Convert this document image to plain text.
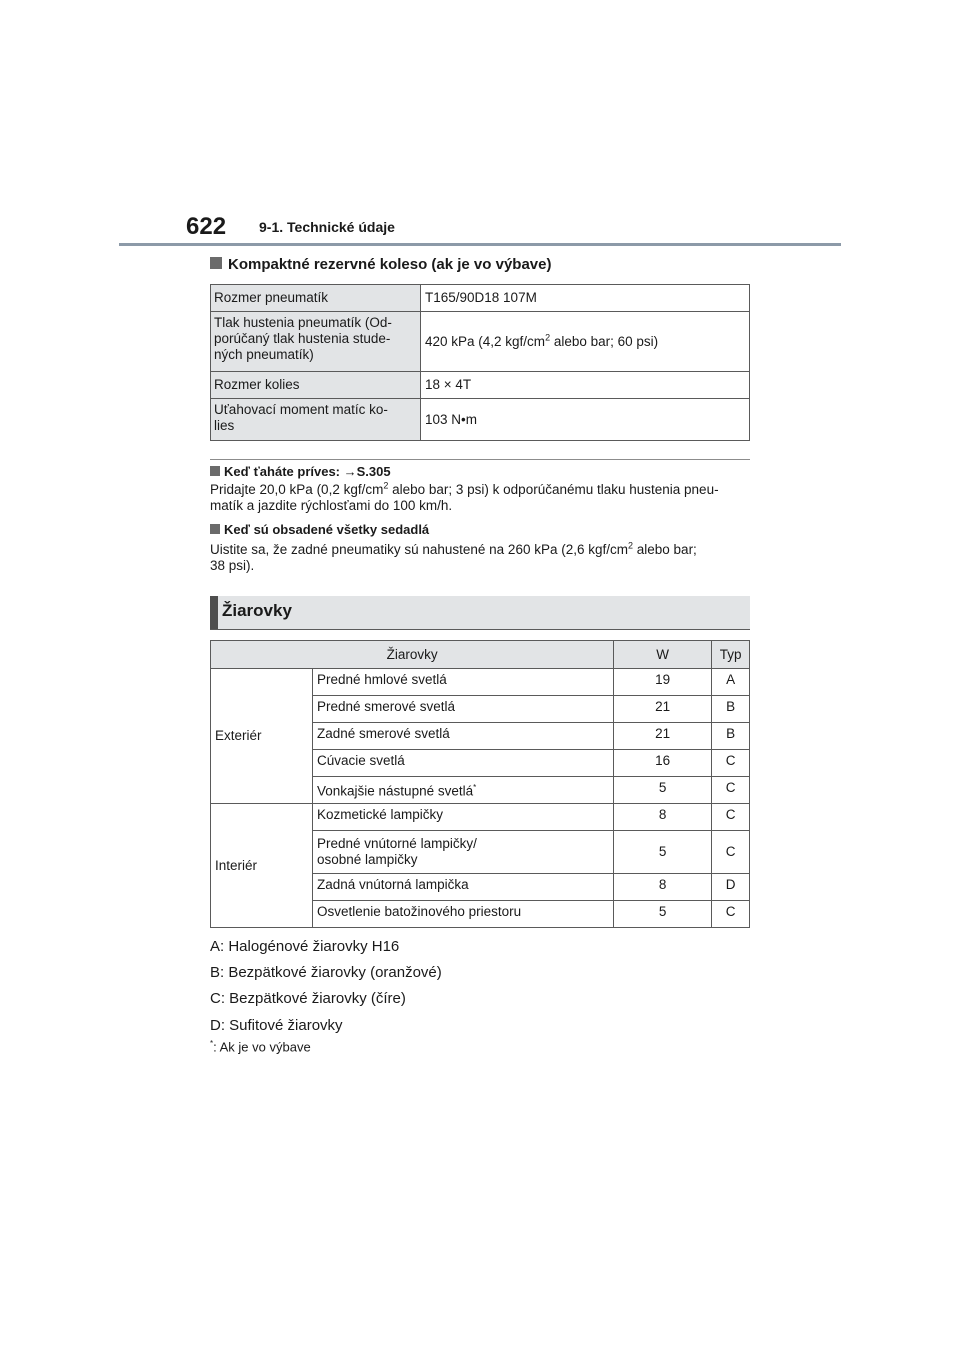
622 9-1. Technické údaje
Kompaktné rezervné koleso (ak je vo výbave)
Rozmer pneumatík	T165/90D18 107M
Tlak hustenia pneumatík (Od-
porúčaný tlak hustenia stude-
ných pneumatík)	420 kPa (4,2 kgf/$cm^2$ alebo bar; 60 psi)
Rozmer kolies	18 × 4T
Uťahovací moment matíc ko-
lies	103 N•m
Keď ťaháte príves: →S.305
Pridajte 20,0 kPa (0,2 kgf/$cm^2$ alebo bar; 3 psi) k odporúčanému tlaku hustenia pneu-
matík a jazdite rýchlosťami do 100 km/h.
Keď sú obsadené všetky sedadlá
Uistite sa, že zadné pneumatiky sú nahustené na 260 kPa (2,6 kgf/$cm^2$ alebo bar;
38 psi).
Žiarovky
Žiarovky		W	Typ
Exteriér	Predné hmlové svetlá	19	A
	Predné smerové svetlá	21	B
	Zadné smerové svetlá	21	B
	Cúvacie svetlá	16	C
	Vonkajšie nástupné svetlá*	5	C
Interiér	Kozmetické lampičky	8	C
	Predné vnútorné lampičky/
osobné lampičky	5	C
	Zadná vnútorná lampička	8	D
	Osvetlenie batožinového priestoru	5	C
A: Halogénové žiarovky H16
B: Bezpätkové žiarovky (oranžové)
C: Bezpätkové žiarovky (číre)
D: Sufitové žiarovky
*: Ak je vo výbave
